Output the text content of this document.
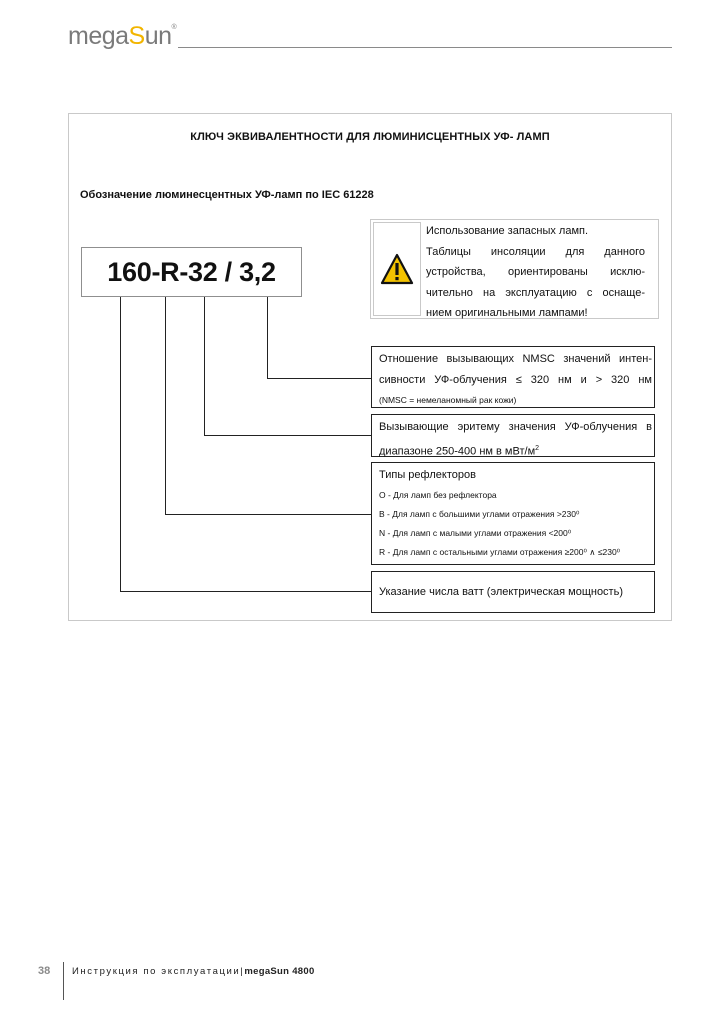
megaSun®
КЛЮЧ ЭКВИВАЛЕНТНОСТИ ДЛЯ ЛЮМИНИСЦЕНТНЫХ УФ- ЛАМП
Обозначение люминесцентных УФ-ламп по IEC 61228
160-R-32 / 3,2
Использование запасных ламп.
Таблицы инсоляции для данного
устройства, ориентированы исклю-
чительно на эксплуатацию с оснаще-
нием оригинальными лампами!
Отношение вызывающих NMSC значений интен-
сивности УФ-облучения ≤ 320 нм и > 320 нм
(NMSC = немеланомный рак кожи)
Вызывающие эритему значения УФ-облучения в
диапазоне 250-400 нм в мВт/$м^2$
Типы рефлекторов
O - Для ламп без рефлектора
B - Для ламп с большими углами отражения >230⁰
N - Для ламп с малыми углами отражения <200⁰
R - Для ламп с остальными углами отражения ≥200⁰ ∧ ≤230⁰
Указание числа ватт (электрическая мощность)
38 Инструкция по эксплуатации|megaSun 4800
